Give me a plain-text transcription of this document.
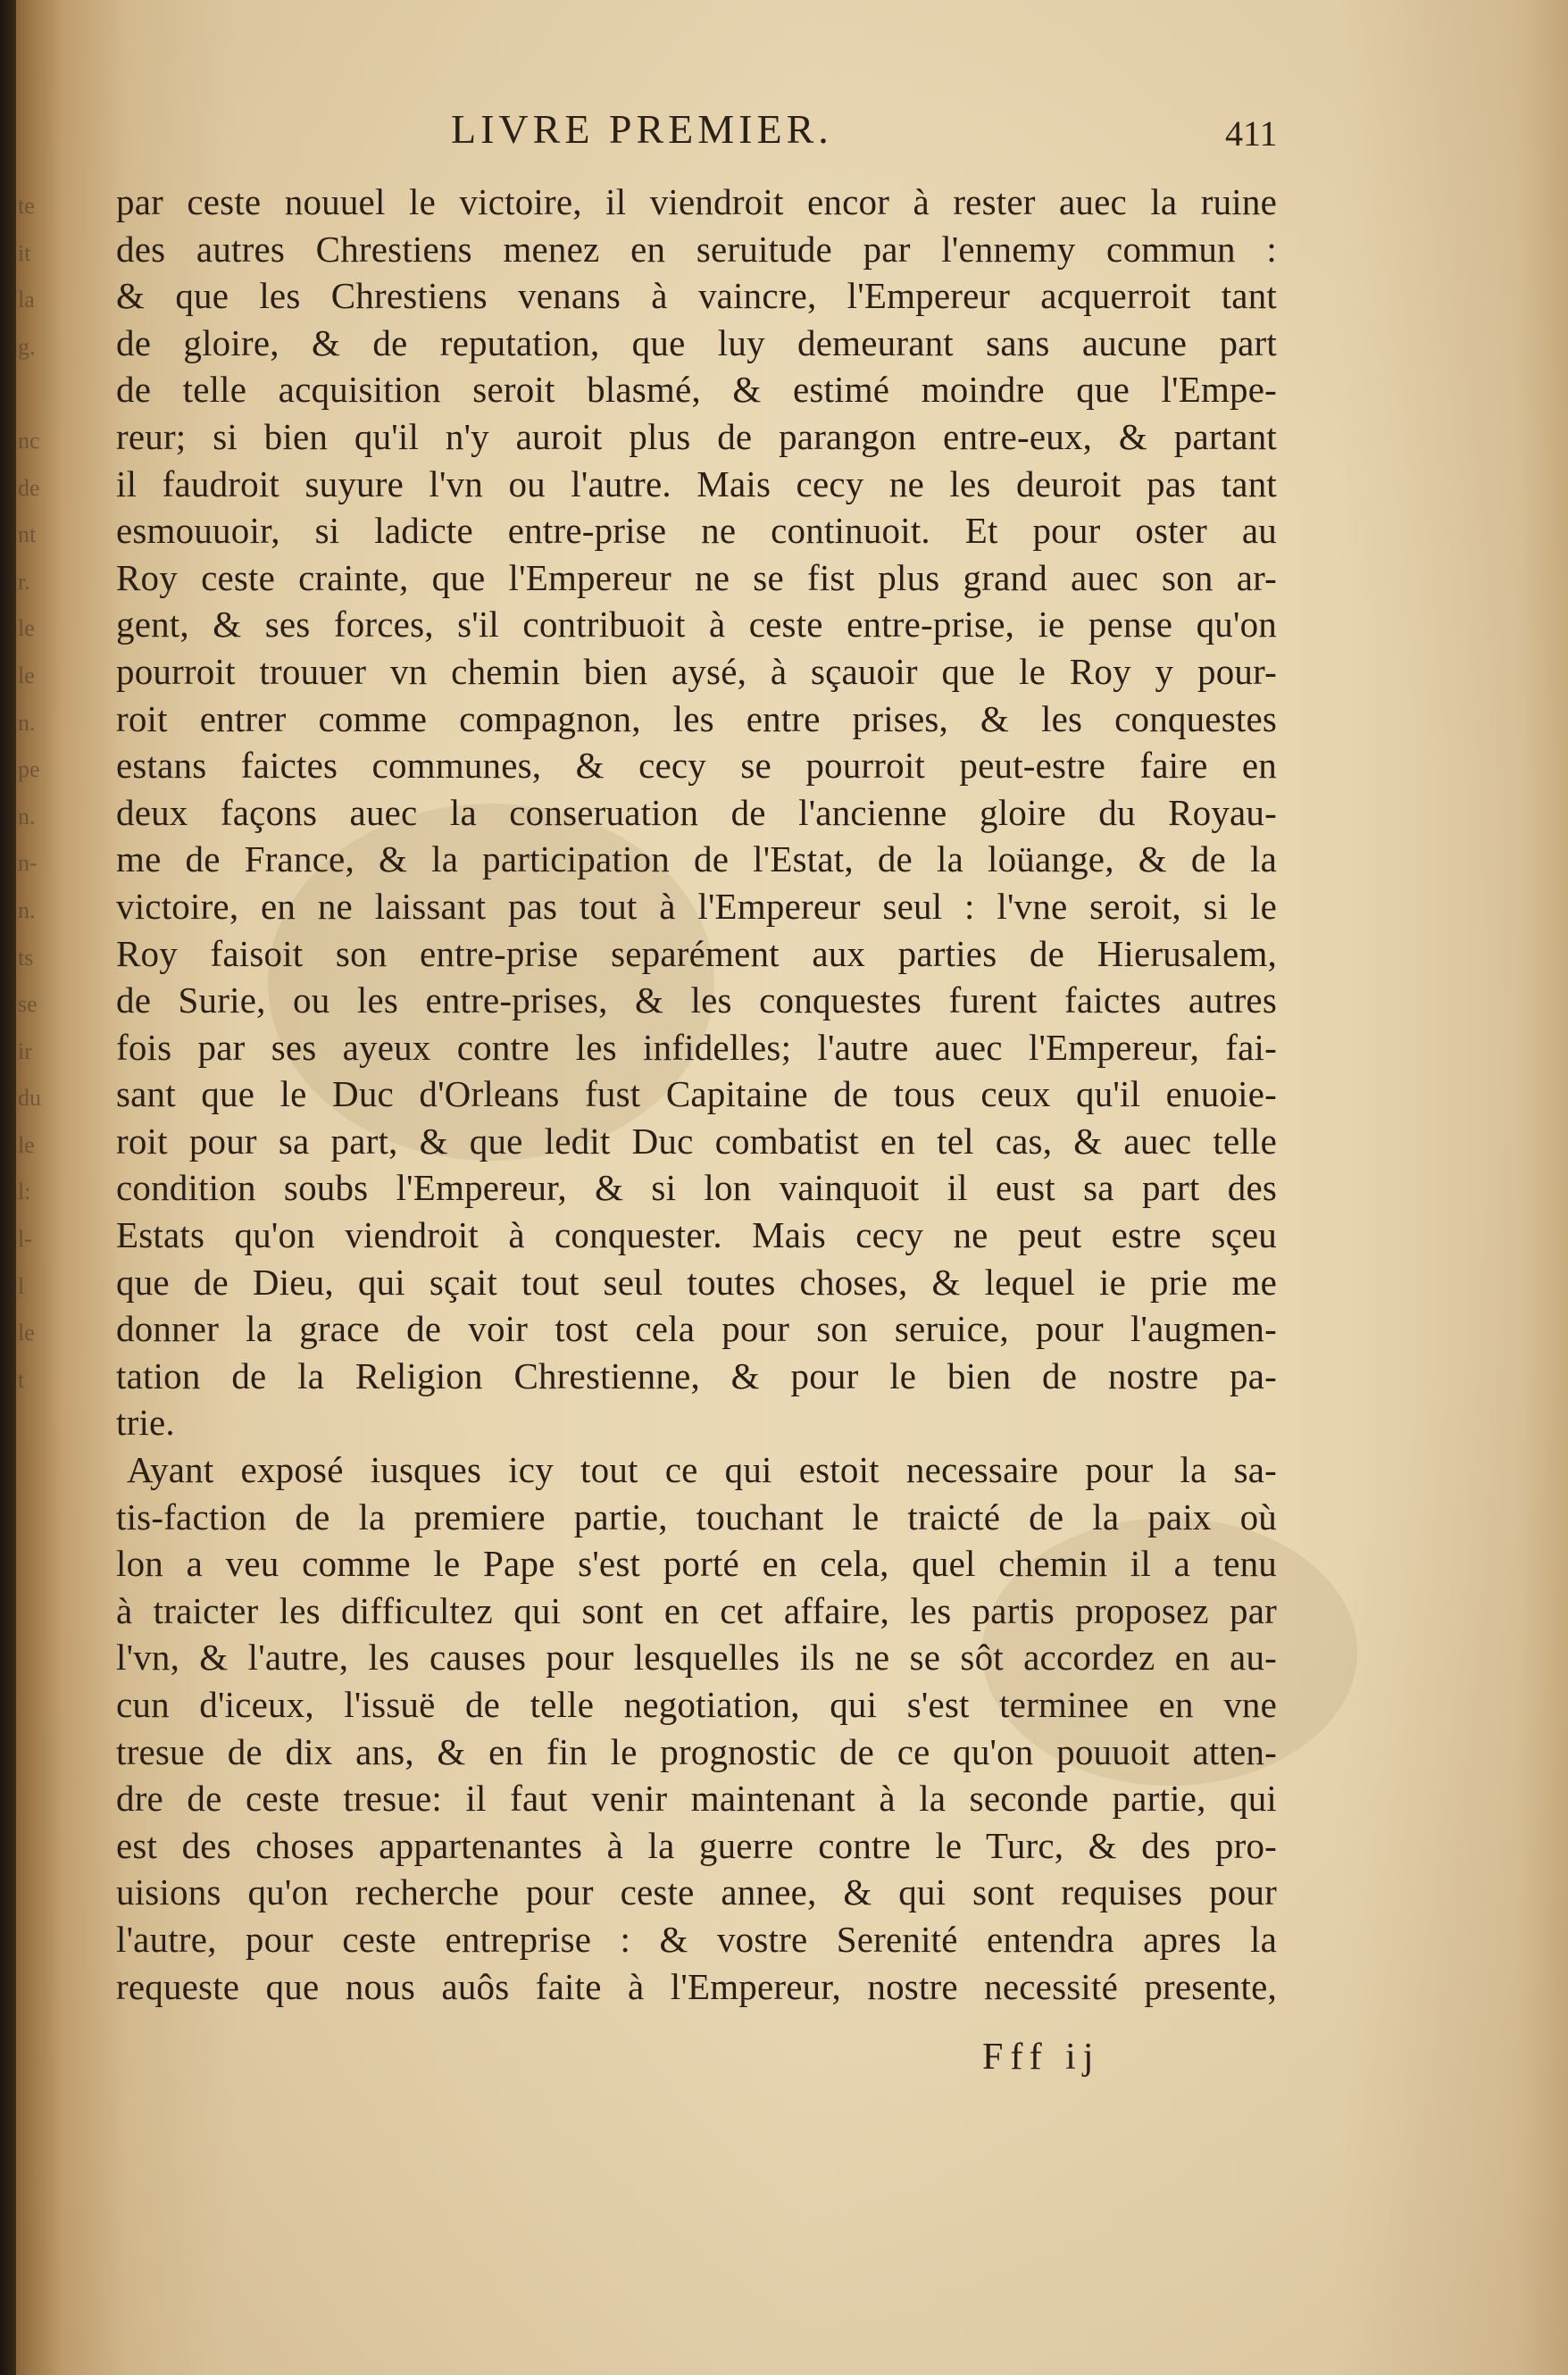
te
it
la
g.

nc
de
nt
r.
le
le
n.
pe
n.
n-
n.
ts
se
ir
du
le
l:
l-
l
le
t
LIVRE PREMIER.	411
par ceste nouuel le victoire, il viendroit encor à rester auec la ruine
des autres Chrestiens menez en seruitude par l'ennemy commun :
& que les Chrestiens venans à vaincre, l'Empereur acquerroit tant
de gloire, & de reputation, que luy demeurant sans aucune part
de telle acquisition seroit blasmé, & estimé moindre que l'Empe-
reur; si bien qu'il n'y auroit plus de parangon entre-eux, & partant
il faudroit suyure l'vn ou l'autre. Mais cecy ne les deuroit pas tant
esmouuoir, si ladicte entre-prise ne continuoit. Et pour oster au
Roy ceste crainte, que l'Empereur ne se fist plus grand auec son ar-
gent, & ses forces, s'il contribuoit à ceste entre-prise, ie pense qu'on
pourroit trouuer vn chemin bien aysé, à sçauoir que le Roy y pour-
roit entrer comme compagnon, les entre prises, & les conquestes
estans faictes communes, & cecy se pourroit peut-estre faire en
deux façons auec la conseruation de l'ancienne gloire du Royau-
me de France, & la participation de l'Estat, de la loüange, & de la
victoire, en ne laissant pas tout à l'Empereur seul : l'vne seroit, si le
Roy faisoit son entre-prise separément aux parties de Hierusalem,
de Surie, ou les entre-prises, & les conquestes furent faictes autres
fois par ses ayeux contre les infidelles; l'autre auec l'Empereur, fai-
sant que le Duc d'Orleans fust Capitaine de tous ceux qu'il enuoie-
roit pour sa part, & que ledit Duc combatist en tel cas, & auec telle
condition soubs l'Empereur, & si lon vainquoit il eust sa part des
Estats qu'on viendroit à conquester. Mais cecy ne peut estre sçeu
que de Dieu, qui sçait tout seul toutes choses, & lequel ie prie me
donner la grace de voir tost cela pour son seruice, pour l'augmen-
tation de la Religion Chrestienne, & pour le bien de nostre pa-
trie.
Ayant exposé iusques icy tout ce qui estoit necessaire pour la sa-
tis-faction de la premiere partie, touchant le traicté de la paix où
lon a veu comme le Pape s'est porté en cela, quel chemin il a tenu
à traicter les difficultez qui sont en cet affaire, les partis proposez par
l'vn, & l'autre, les causes pour lesquelles ils ne se sôt accordez en au-
cun d'iceux, l'issuë de telle negotiation, qui s'est terminee en vne
tresue de dix ans, & en fin le prognostic de ce qu'on pouuoit atten-
dre de ceste tresue: il faut venir maintenant à la seconde partie, qui
est des choses appartenantes à la guerre contre le Turc, & des pro-
uisions qu'on recherche pour ceste annee, & qui sont requises pour
l'autre, pour ceste entreprise : & vostre Serenité entendra apres la
requeste que nous auôs faite à l'Empereur, nostre necessité presente,
Fff ij
